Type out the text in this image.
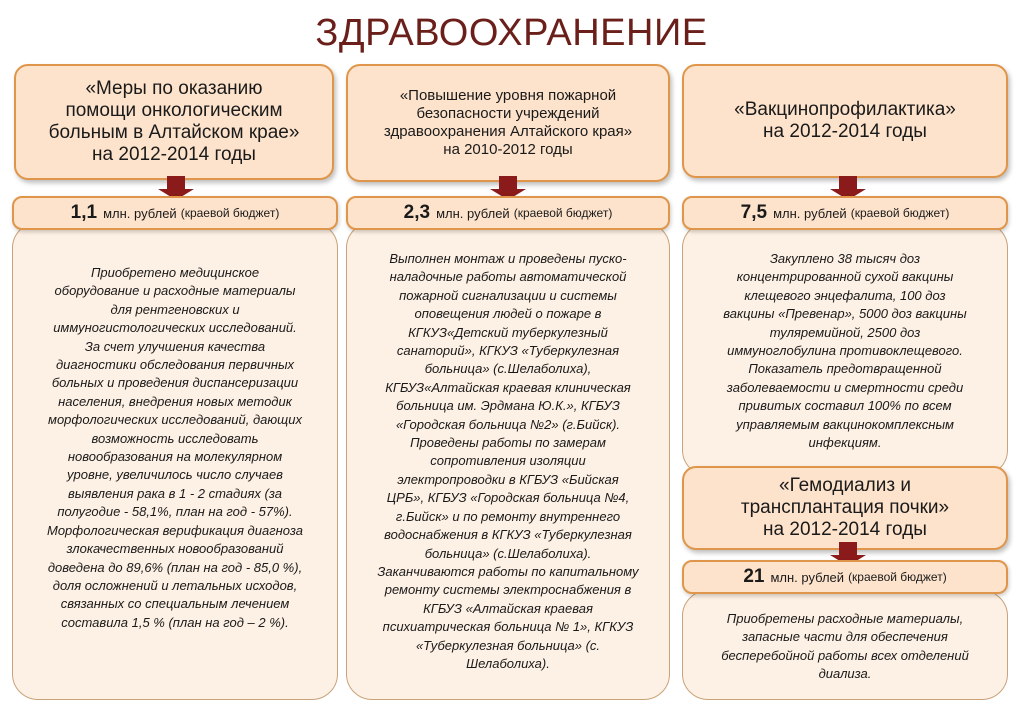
ЗДРАВООХРАНЕНИЕ
«Меры по оказанию
помощи онкологическим
больным в Алтайском крае»
на 2012-2014 годы
1,1 млн. рублей (краевой бюджет)
Приобретено медицинское
оборудование и расходные материалы
для рентгеновских и
иммуногистологических исследований.
За счет улучшения качества
диагностики обследования первичных
больных и проведения диспансеризации
населения, внедрения новых методик
морфологических исследований, дающих
возможность исследовать
новообразования на молекулярном
уровне, увеличилось число случаев
выявления рака в 1 - 2 стадиях (за
полугодие - 58,1%, план на год - 57%).
Морфологическая верификация диагноза
злокачественных новообразований
доведена до 89,6% (план на год - 85,0 %),
доля осложнений и летальных исходов,
связанных со специальным лечением
составила 1,5 % (план на год – 2 %).
«Повышение уровня пожарной
безопасности учреждений
здравоохранения Алтайского края»
на 2010-2012 годы
2,3 млн. рублей (краевой бюджет)
Выполнен монтаж и проведены пуско-
наладочные работы автоматической
пожарной сигнализации и системы
оповещения людей о пожаре в
КГКУЗ«Детский туберкулезный
санаторий», КГКУЗ «Туберкулезная
больница» (с.Шелаболиха),
КГБУЗ«Алтайская краевая клиническая
больница им. Эрдмана Ю.К.», КГБУЗ
«Городская больница №2» (г.Бийск).
Проведены работы по замерам
сопротивления изоляции
электропроводки в КГБУЗ «Бийская
ЦРБ», КГБУЗ «Городская больница №4,
г.Бийск» и по ремонту внутреннего
водоснабжения в КГКУЗ «Туберкулезная
больница» (с.Шелаболиха).
Заканчиваются работы по капитальному
ремонту системы электроснабжения в
КГБУЗ «Алтайская краевая
психиатрическая больница № 1», КГКУЗ
«Туберкулезная больница» (с.
Шелаболиха).
«Вакцинопрофилактика»
на 2012-2014 годы
7,5 млн. рублей (краевой бюджет)
Закуплено 38 тысяч доз
концентрированной сухой вакцины
клещевого энцефалита, 100 доз
вакцины «Превенар», 5000 доз вакцины
туляремийной, 2500 доз
иммуноглобулина противоклещевого.
Показатель предотвращенной
заболеваемости и смертности среди
привитых составил 100% по всем
управляемым вакцинокомплексным
инфекциям.
«Гемодиализ и
трансплантация почки»
на 2012-2014 годы
21 млн. рублей (краевой бюджет)
Приобретены расходные материалы,
запасные части для обеспечения
бесперебойной работы всех отделений
диализа.
